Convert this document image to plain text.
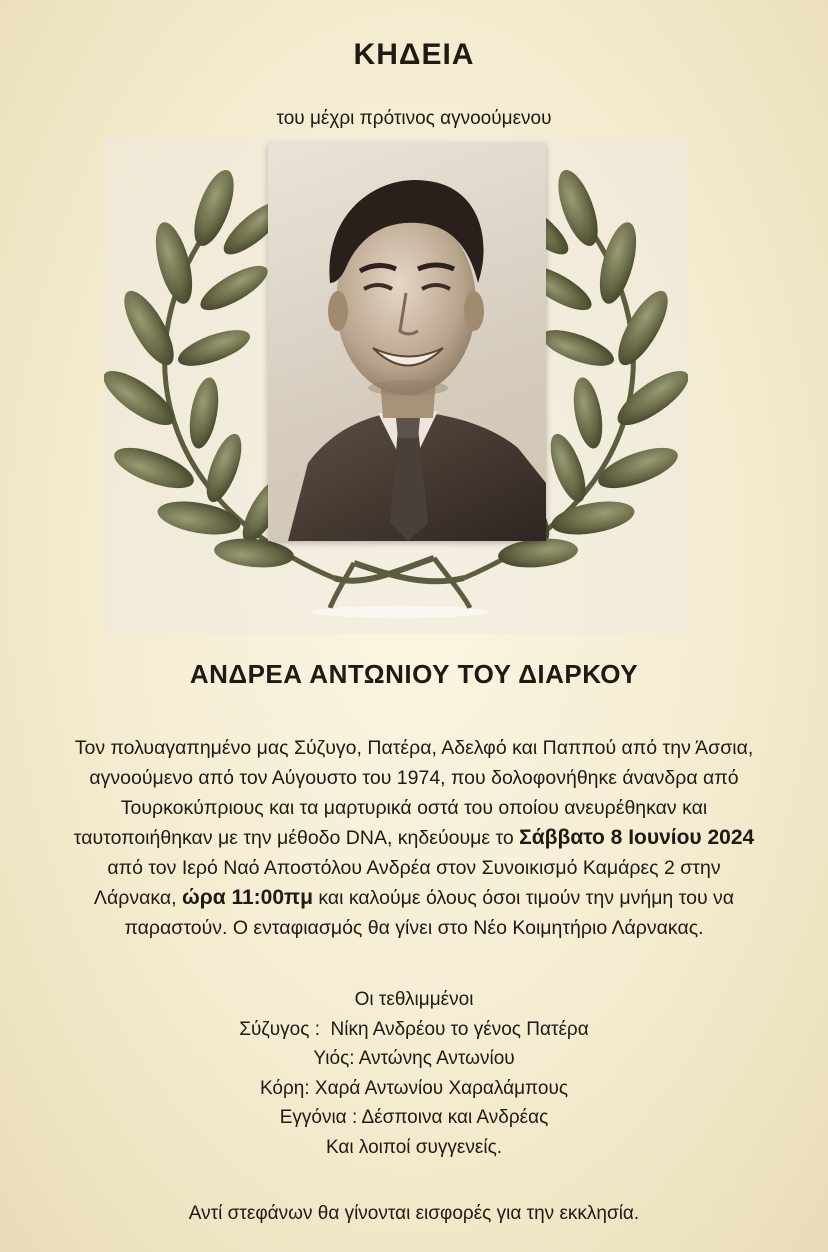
ΚΗΔΕΙΑ
του μέχρι πρότινος αγνοούμενου
ΑΝΔΡΕΑ ΑΝΤΩΝΙΟΥ ΤΟΥ ΔΙΑΡΚΟΥ
Τον πολυαγαπημένο μας Σύζυγο, Πατέρα, Αδελφό και Παππού από την Άσσια, αγνοούμενο από τον Αύγουστο του 1974, που δολοφονήθηκε άνανδρα από Τουρκοκύπριους και τα μαρτυρικά οστά του οποίου ανευρέθηκαν και ταυτοποιήθηκαν με την μέθοδο DNA, κηδεύουμε το Σάββατο 8 Ιουνίου 2024 από τον Ιερό Ναό Αποστόλου Ανδρέα στον Συνοικισμό Καμάρες 2 στην Λάρνακα, ώρα 11:00πμ και καλούμε όλους όσοι τιμούν την μνήμη του να παραστούν. Ο ενταφιασμός θα γίνει στο Νέο Κοιμητήριο Λάρνακας.
Οι τεθλιμμένοι
Σύζυγος :  Νίκη Ανδρέου το γένος Πατέρα
Υιός: Αντώνης Αντωνίου
Κόρη: Χαρά Αντωνίου Χαραλάμπους
Εγγόνια : Δέσποινα και Ανδρέας
Και λοιποί συγγενείς.
Αντί στεφάνων θα γίνονται εισφορές για την εκκλησία.
